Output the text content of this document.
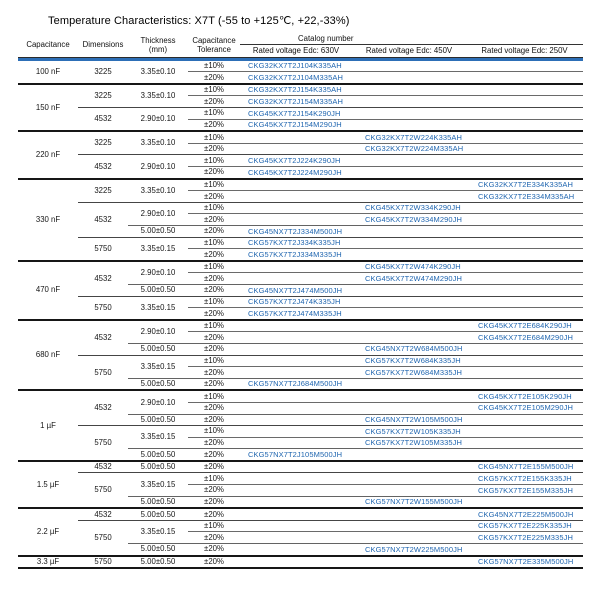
Temperature Characteristics: X7T (-55 to +125℃, +22,-33%)
Capacitance	Dimensions	Thickness
(mm)	Capacitance
Tolerance	Catalog number		
				Rated voltage Edc: 630V	Rated voltage Edc: 450V	Rated voltage Edc: 250V

100 nF	3225	3.35±0.10	±10%	CKG32KX7T2J104K335AH		
			±20%	CKG32KX7T2J104M335AH		
150 nF	3225	3.35±0.10	±10%	CKG32KX7T2J154K335AH		
			±20%	CKG32KX7T2J154M335AH		
	4532	2.90±0.10	±10%	CKG45KX7T2J154K290JH		
			±20%	CKG45KX7T2J154M290JH		
220 nF	3225	3.35±0.10	±10%		CKG32KX7T2W224K335AH	
			±20%		CKG32KX7T2W224M335AH	
	4532	2.90±0.10	±10%	CKG45KX7T2J224K290JH		
			±20%	CKG45KX7T2J224M290JH		
330 nF	3225	3.35±0.10	±10%			CKG32KX7T2E334K335AH
			±20%			CKG32KX7T2E334M335AH
	4532	2.90±0.10	±10%		CKG45KX7T2W334K290JH	
			±20%		CKG45KX7T2W334M290JH	
		5.00±0.50	±20%	CKG45NX7T2J334M500JH		
	5750	3.35±0.15	±10%	CKG57KX7T2J334K335JH		
			±20%	CKG57KX7T2J334M335JH		
470 nF	4532	2.90±0.10	±10%		CKG45KX7T2W474K290JH	
			±20%		CKG45KX7T2W474M290JH	
		5.00±0.50	±20%	CKG45NX7T2J474M500JH		
	5750	3.35±0.15	±10%	CKG57KX7T2J474K335JH		
			±20%	CKG57KX7T2J474M335JH		
680 nF	4532	2.90±0.10	±10%			CKG45KX7T2E684K290JH
			±20%			CKG45KX7T2E684M290JH
		5.00±0.50	±20%		CKG45NX7T2W684M500JH	
	5750	3.35±0.15	±10%		CKG57KX7T2W684K335JH	
			±20%		CKG57KX7T2W684M335JH	
		5.00±0.50	±20%	CKG57NX7T2J684M500JH		
1 µF	4532	2.90±0.10	±10%			CKG45KX7T2E105K290JH
			±20%			CKG45KX7T2E105M290JH
		5.00±0.50	±20%		CKG45NX7T2W105M500JH	
	5750	3.35±0.15	±10%		CKG57KX7T2W105K335JH	
			±20%		CKG57KX7T2W105M335JH	
		5.00±0.50	±20%	CKG57NX7T2J105M500JH		
1.5 µF	4532	5.00±0.50	±20%			CKG45NX7T2E155M500JH
	5750	3.35±0.15	±10%			CKG57KX7T2E155K335JH
			±20%			CKG57KX7T2E155M335JH
		5.00±0.50	±20%		CKG57NX7T2W155M500JH	
2.2 µF	4532	5.00±0.50	±20%			CKG45NX7T2E225M500JH
	5750	3.35±0.15	±10%			CKG57KX7T2E225K335JH
			±20%			CKG57KX7T2E225M335JH
		5.00±0.50	±20%		CKG57NX7T2W225M500JH	
3.3 µF	5750	5.00±0.50	±20%			CKG57NX7T2E335M500JH
